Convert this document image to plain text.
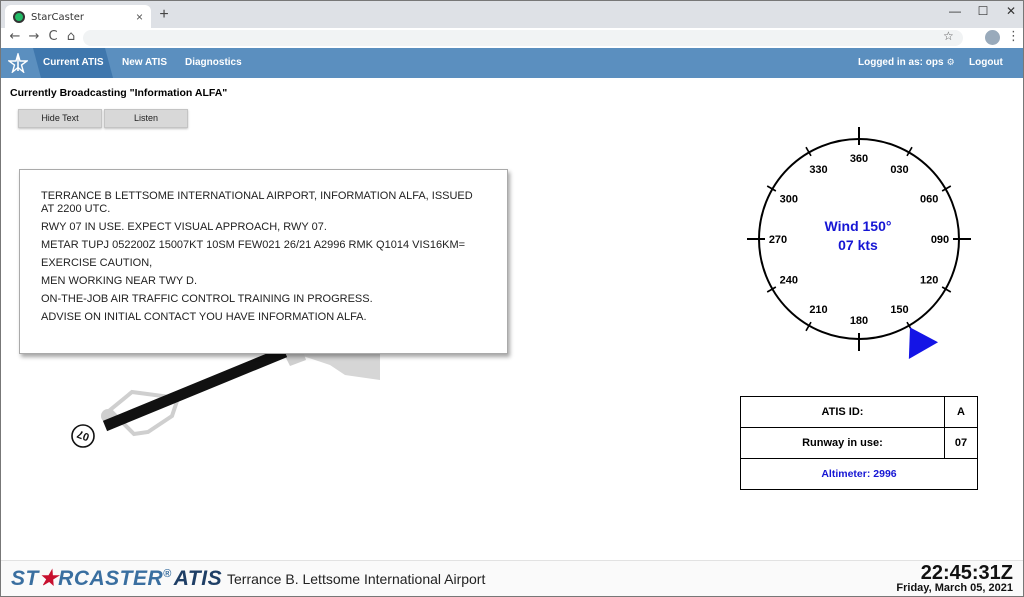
StarCaster	× +	—	☐	✕
← → C ⌂	☆	⋮
Current ATIS New ATIS Diagnostics	Logged in as: ops ⚙ Logout
Currently Broadcasting "Information ALFA"
Hide Text	Listen
07
TERRANCE B LETTSOME INTERNATIONAL AIRPORT, INFORMATION ALFA, ISSUED AT 2200 UTC.
RWY 07 IN USE. EXPECT VISUAL APPROACH, RWY 07.
METAR TUPJ 052200Z 15007KT 10SM FEW021 26/21 A2996 RMK Q1014 VIS16KM=
EXERCISE CAUTION,
MEN WORKING NEAR TWY D.
ON-THE-JOB AIR TRAFFIC CONTROL TRAINING IN PROGRESS.
ADVISE ON INITIAL CONTACT YOU HAVE INFORMATION ALFA.
360
030
060
090
120
150
180
210
240
270
300
330
Wind 150°
07 kts
ATIS ID:	A
Runway in use:	07
Altimeter: 2996	
ST★RCASTER®ATIS Terrance B. Lettsome International Airport	22:45:31Z
Friday, March 05, 2021
